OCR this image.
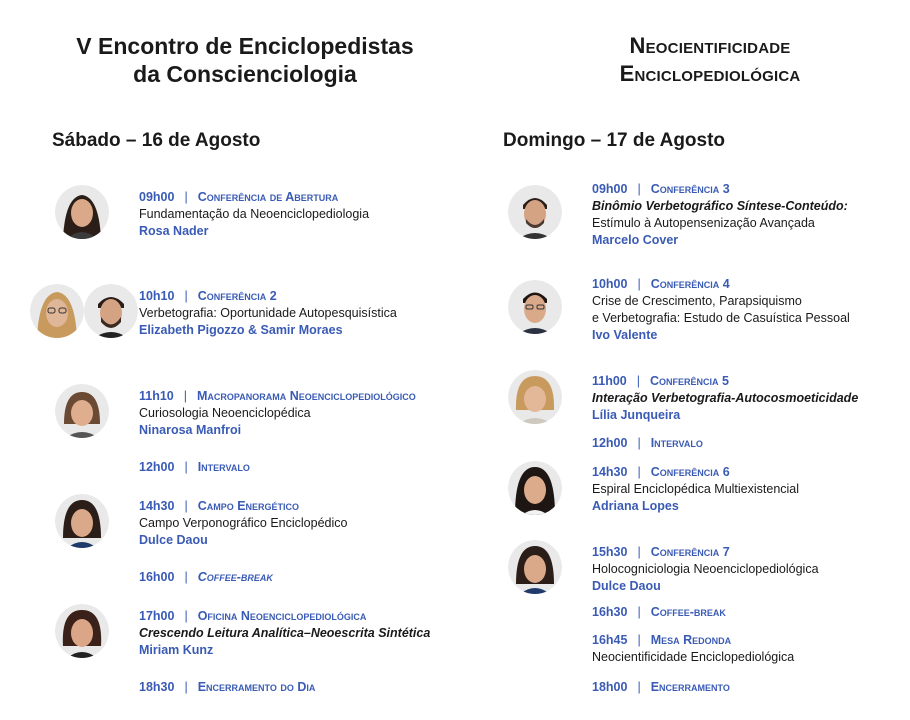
V Encontro de Enciclopedistas
da Conscienciologia
Neocientificidade
Enciclopediológica
Sábado – 16 de Agosto	Domingo – 17 de Agosto
09h00 | Conferência de Abertura
Fundamentação da Neoenciclopediologia
Rosa Nader
10h10 | Conferência 2
Verbetografia: Oportunidade Autopesquisística
Elizabeth Pigozzo & Samir Moraes
11h10 | Macropanorama Neoenciclopediológico
Curiosologia Neoenciclopédica
Ninarosa Manfroi
12h00 | Intervalo
14h30 | Campo Energético
Campo Verponográfico Enciclopédico
Dulce Daou
16h00 | Coffee-break
17h00 | Oficina Neoenciclopediológica
Crescendo Leitura Analítica–Neoescrita Sintética
Miriam Kunz
18h30 | Encerramento do Dia
09h00 | Conferência 3
Binômio Verbetográfico Síntese-Conteúdo:
Estímulo à Autopensenização Avançada
Marcelo Cover
10h00 | Conferência 4
Crise de Crescimento, Parapsiquismo
e Verbetografia: Estudo de Casuística Pessoal
Ivo Valente
11h00 | Conferência 5
Interação Verbetografia-Autocosmoeticidade
Lília Junqueira
12h00 | Intervalo
14h30 | Conferência 6
Espiral Enciclopédica Multiexistencial
Adriana Lopes
15h30 | Conferência 7
Holocogniciologia Neoenciclopediológica
Dulce Daou
16h30 | Coffee-break
16h45 | Mesa Redonda
Neocientificidade Enciclopediológica
18h00 | Encerramento
